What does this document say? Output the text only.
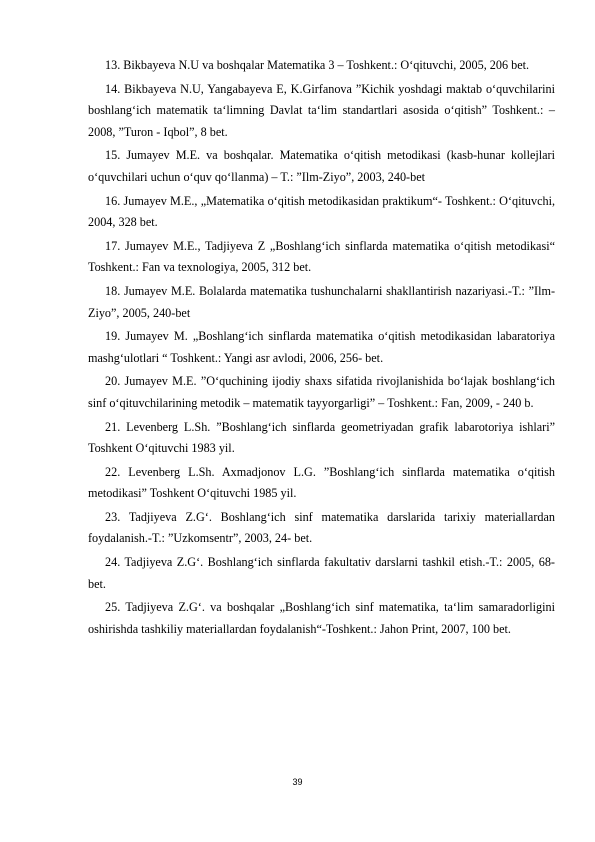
13. Bikbayeva N.U va boshqalar Matematika 3 – Toshkent.: O‘qituvchi, 2005, 206 bet.

14. Bikbayeva N.U, Yangabayeva E, K.Girfanova ”Kichik yoshdagi maktab o‘quvchilarini boshlang‘ich matematik ta‘limning Davlat ta‘lim standartlari asosida o‘qitish” Toshkent.: – 2008, ”Turon - Iqbol”, 8 bet.

15. Jumayev M.E. va boshqalar. Matematika o‘qitish metodikasi (kasb-hunar kollejlari o‘quvchilari uchun o‘quv qo‘llanma) – T.: ”Ilm-Ziyo”, 2003, 240-bet

16. Jumayev M.E., „Matematika o‘qitish metodikasidan praktikum“- Toshkent.: O‘qituvchi, 2004, 328 bet.

17. Jumayev M.E., Tadjiyeva Z „Boshlang‘ich sinflarda matematika o‘qitish metodikasi“ Toshkent.: Fan va texnologiya, 2005, 312 bet.

18. Jumayev M.E. Bolalarda matematika tushunchalarni shakllantirish nazariyasi.-T.: ”Ilm-Ziyo”, 2005, 240-bet

19. Jumayev M. „Boshlang‘ich sinflarda matematika o‘qitish metodikasidan labaratoriya mashg‘ulotlari “ Toshkent.: Yangi asr avlodi, 2006, 256- bet.

20. Jumayev M.E. ”O‘quchining ijodiy shaxs sifatida rivojlanishida bo‘lajak boshlang‘ich sinf o‘qituvchilarining metodik – matematik tayyorgarligi” – Toshkent.: Fan, 2009, - 240 b.

21. Levenberg L.Sh. ”Boshlang‘ich sinflarda geometriyadan grafik labarotoriya ishlari” Toshkent O‘qituvchi 1983 yil.

22. Levenberg L.Sh. Axmadjonov L.G. ”Boshlang‘ich sinflarda matematika o‘qitish metodikasi” Toshkent O‘qituvchi 1985 yil.

23. Tadjiyeva Z.G‘. Boshlang‘ich sinf matematika darslarida tarixiy materiallardan foydalanish.-T.: ”Uzkomsentr”, 2003, 24- bet.

24. Tadjiyeva Z.G‘. Boshlang‘ich sinflarda fakultativ darslarni tashkil etish.-T.: 2005, 68- bet.

25. Tadjiyeva Z.G‘. va boshqalar „Boshlang‘ich sinf matematika, ta‘lim samaradorligini oshirishda tashkiliy materiallardan foydalanish“-Toshkent.: Jahon Print, 2007, 100 bet.

39
